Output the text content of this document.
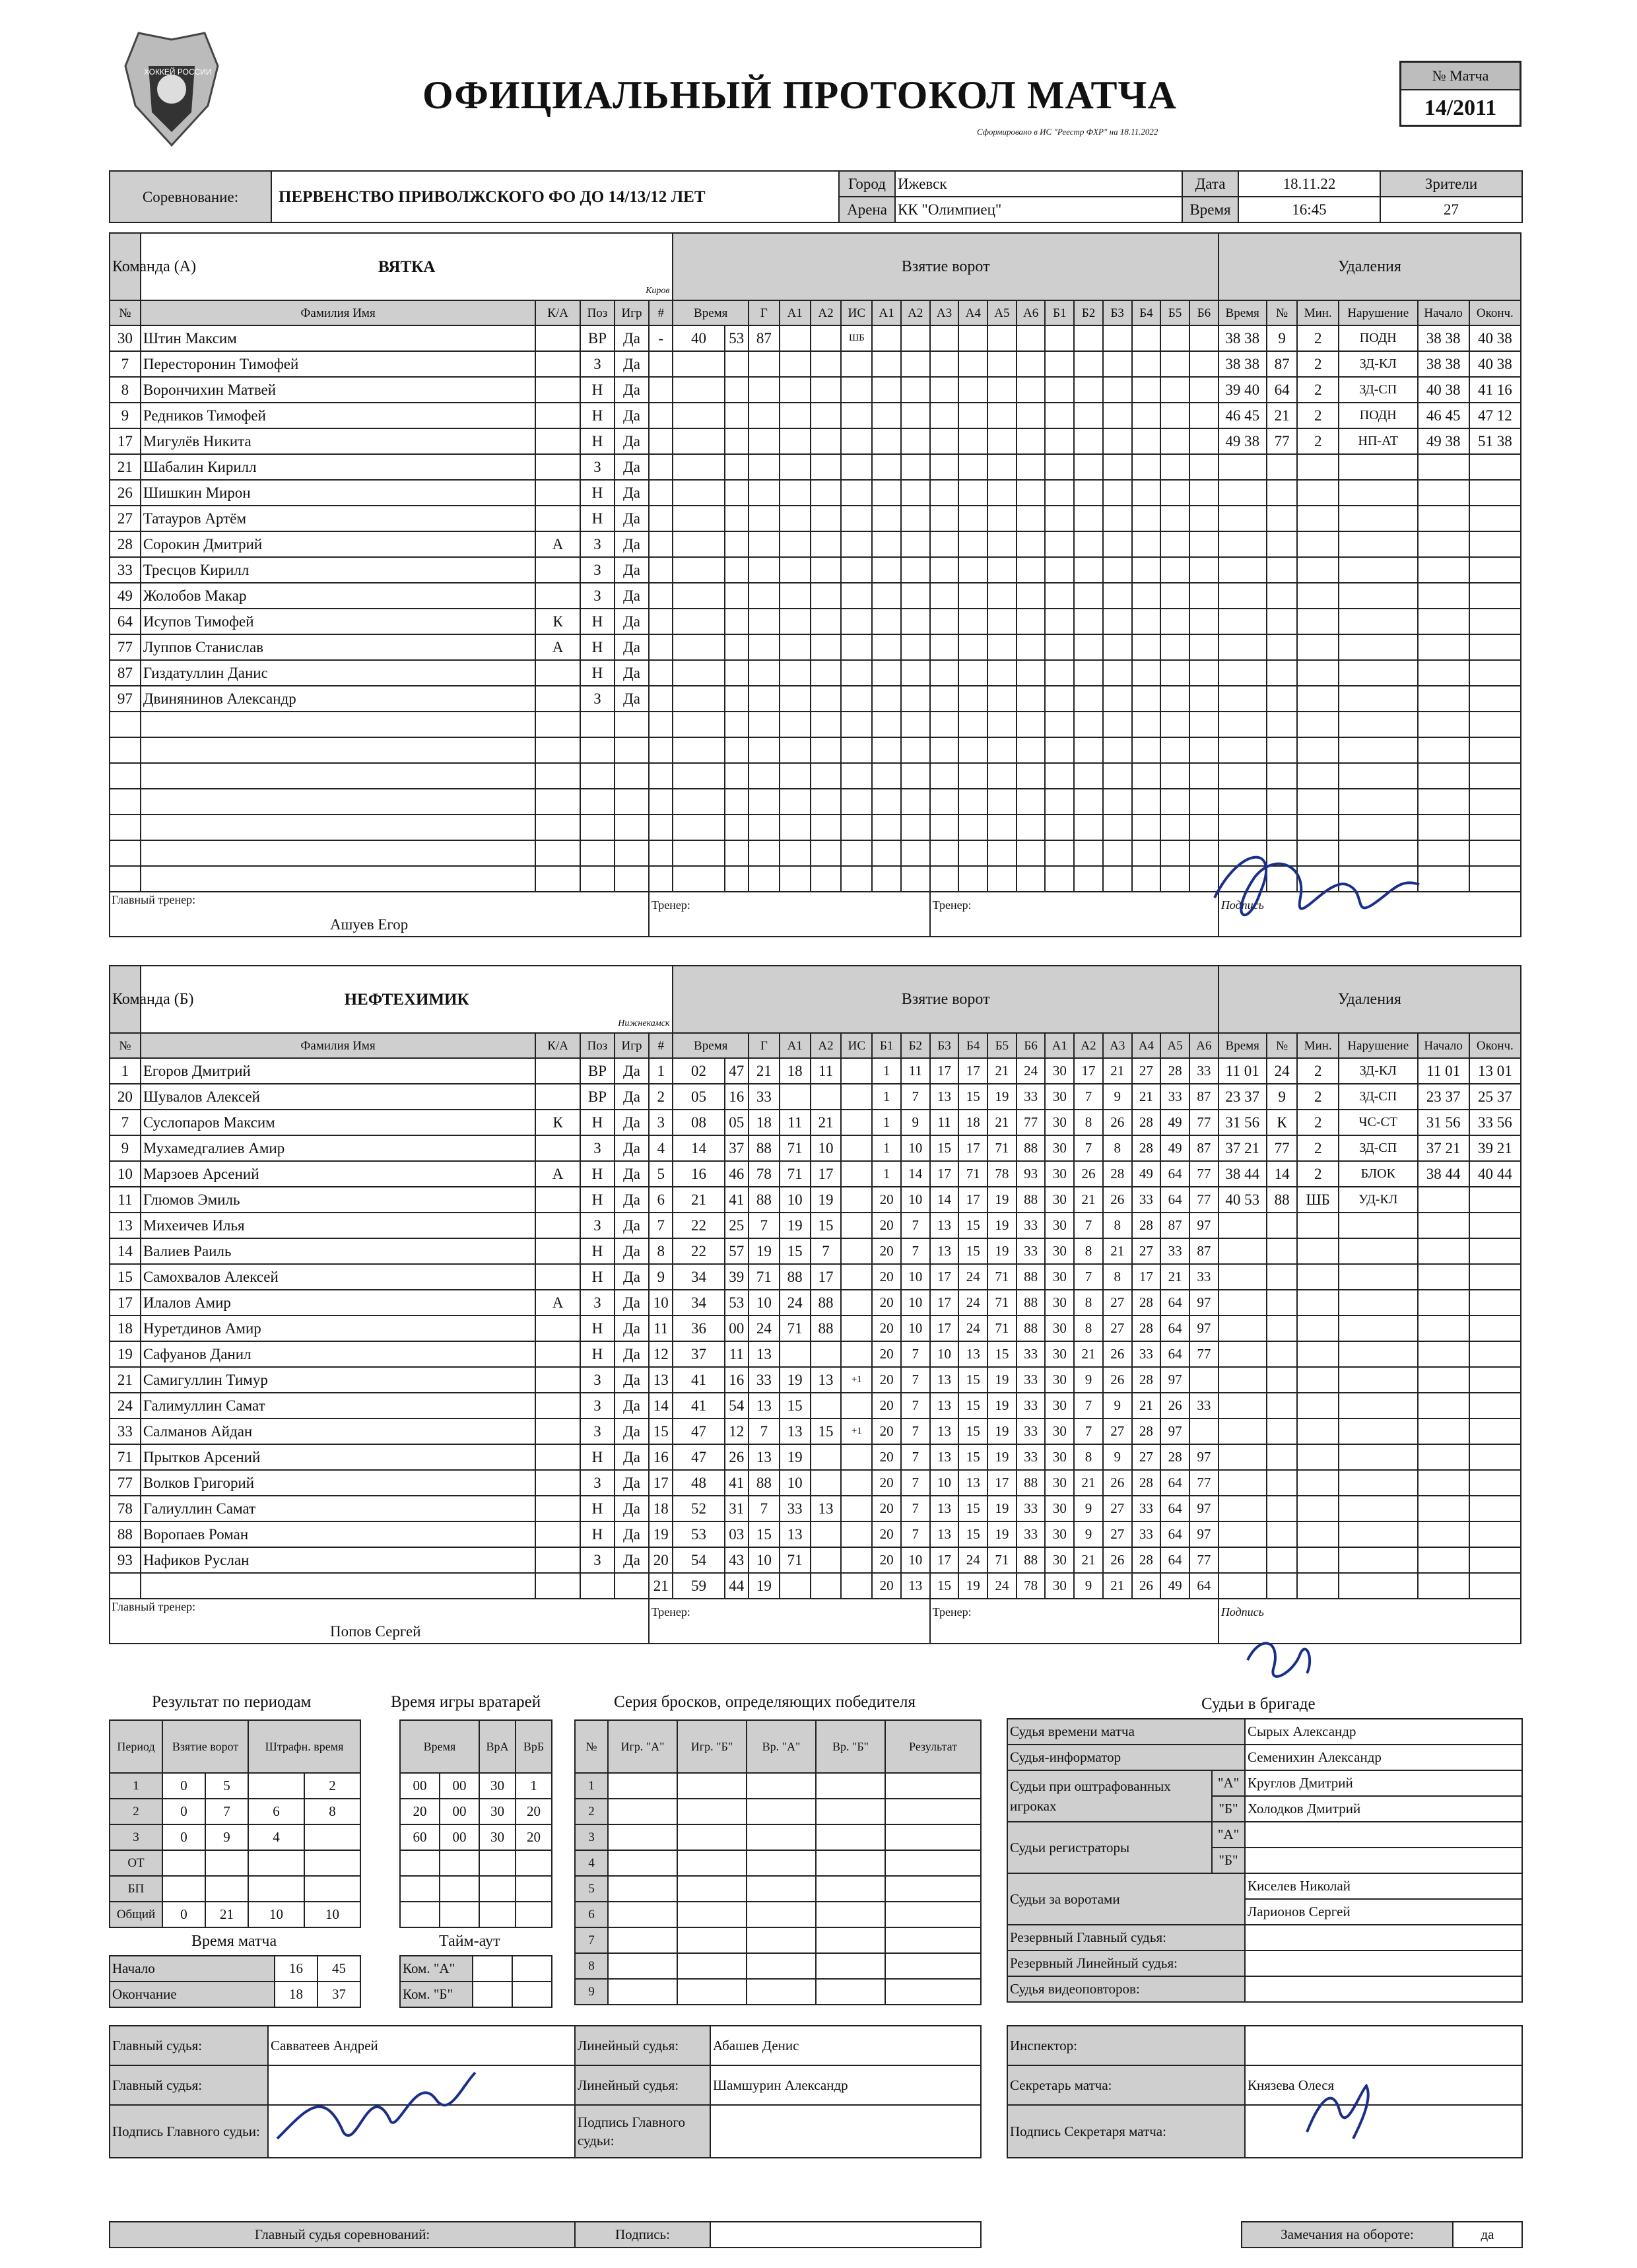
ХОККЕЙ РОССИИ
ОФИЦИАЛЬНЫЙ ПРОТОКОЛ МАТЧА
Сформировано в ИС "Реестр ФХР" на 18.11.2022
№ Матча
14/2011
Соревнование:	ПЕРВЕНСТВО ПРИВОЛЖСКОГО ФО ДО 14/13/12 ЛЕТ	Город	Ижевск	Дата	18.11.22	Зрители
		Арена	КК "Олимпиец"	Время	16:45	27
Команда (А)	ВЯТКА
Киров					Взятие ворот																		Удаления					
№	Фамилия Имя	К/А	Поз	Игр	#	Время		Г	А1	А2	ИС	А1	А2	А3	А4	А5	А6	Б1	Б2	Б3	Б4	Б5	Б6	Время	№	Мин.	Нарушение	Начало	Оконч.
30	Штин Максим		ВР	Да	-	40	53	87			ШБ													38 38	9	2	ПОДН	38 38	40 38
7	Перестоpонин Тимофей		З	Да																				38 38	87	2	ЗД-КЛ	38 38	40 38
8	Ворончихин Матвей		Н	Да																				39 40	64	2	ЗД-СП	40 38	41 16
9	Редников Тимофей		Н	Да																				46 45	21	2	ПОДН	46 45	47 12
17	Мигулёв Никита		Н	Да																				49 38	77	2	НП-АТ	49 38	51 38
21	Шабалин Кирилл		З	Да																									
26	Шишкин Мирон		Н	Да																									
27	Татауров Артём		Н	Да																									
28	Сорокин Дмитрий	А	З	Да																									
33	Тресцов Кирилл		З	Да																									
49	Жолобов Макар		З	Да																									
64	Исупов Тимофей	К	Н	Да																									
77	Луппов Станислав	А	Н	Да																									
87	Гиздатуллин Данис		Н	Да																									
97	Двинянинов Александр		З	Да																									

Главный тренер:
Ашуев Егор					Тренер:									Тренер:										Подпись					
Команда (Б)	НЕФТЕХИМИК
Нижнекамск					Взятие ворот																		Удаления					
№	Фамилия Имя	К/А	Поз	Игр	#	Время		Г	А1	А2	ИС	Б1	Б2	Б3	Б4	Б5	Б6	А1	А2	А3	А4	А5	А6	Время	№	Мин.	Нарушение	Начало	Оконч.
1	Егоров Дмитрий		ВР	Да	1	02	47	21	18	11		1	11	17	17	21	24	30	17	21	27	28	33	11 01	24	2	ЗД-КЛ	11 01	13 01
20	Шувалов Алексей		ВР	Да	2	05	16	33				1	7	13	15	19	33	30	7	9	21	33	87	23 37	9	2	ЗД-СП	23 37	25 37
7	Суслопаров Максим	К	Н	Да	3	08	05	18	11	21		1	9	11	18	21	77	30	8	26	28	49	77	31 56	К	2	ЧС-СТ	31 56	33 56
9	Мухамедгалиев Амир		З	Да	4	14	37	88	71	10		1	10	15	17	71	88	30	7	8	28	49	87	37 21	77	2	ЗД-СП	37 21	39 21
10	Марзоев Арсений	А	Н	Да	5	16	46	78	71	17		1	14	17	71	78	93	30	26	28	49	64	77	38 44	14	2	БЛОК	38 44	40 44
11	Глюмов Эмиль		Н	Да	6	21	41	88	10	19		20	10	14	17	19	88	30	21	26	33	64	77	40 53	88	ШБ	УД-КЛ		
13	Михеичев Илья		З	Да	7	22	25	7	19	15		20	7	13	15	19	33	30	7	8	28	87	97						
14	Валиев Раиль		Н	Да	8	22	57	19	15	7		20	7	13	15	19	33	30	8	21	27	33	87						
15	Самохвалов Алексей		Н	Да	9	34	39	71	88	17		20	10	17	24	71	88	30	7	8	17	21	33						
17	Илалов Амир	А	З	Да	10	34	53	10	24	88		20	10	17	24	71	88	30	8	27	28	64	97						
18	Нуретдинов Амир		Н	Да	11	36	00	24	71	88		20	10	17	24	71	88	30	8	27	28	64	97						
19	Сафуанов Данил		Н	Да	12	37	11	13				20	7	10	13	15	33	30	21	26	33	64	77						
21	Самигуллин Тимур		З	Да	13	41	16	33	19	13	+1	20	7	13	15	19	33	30	9	26	28	97							
24	Галимуллин Самат		З	Да	14	41	54	13	15			20	7	13	15	19	33	30	7	9	21	26	33						
33	Салманов Айдан		З	Да	15	47	12	7	13	15	+1	20	7	13	15	19	33	30	7	27	28	97							
71	Прытков Арсений		Н	Да	16	47	26	13	19			20	7	13	15	19	33	30	8	9	27	28	97						
77	Волков Григорий		З	Да	17	48	41	88	10			20	7	10	13	17	88	30	21	26	28	64	77						
78	Галиуллин Самат		Н	Да	18	52	31	7	33	13		20	7	13	15	19	33	30	9	27	33	64	97						
88	Воропаев Роман		Н	Да	19	53	03	15	13			20	7	13	15	19	33	30	9	27	33	64	97						
93	Нафиков Руслан		З	Да	20	54	43	10	71			20	10	17	24	71	88	30	21	26	28	64	77						
					21	59	44	19				20	13	15	19	24	78	30	9	21	26	49	64						

Главный тренер:
Попов Сергей					Тренер:									Тренер:										Подпись					
Результат по периодам	Время игры вратарей	Серия бросков, определяющих победителя	Судьи в бригаде
Период	Взятие ворот		Штрафн. время	
1	0	5		2
2	0	7	6	8
3	0	9	4	
ОТ				
БП				
Общий	0	21	10	10
Время		ВрА	ВрБ
00	00	30	1
20	00	30	20
60	00	30	20

№	Игр. "А"	Игр. "Б"	Вр. "А"	Вр. "Б"	Результат
1					
2					
3					
4					
5					
6					
7					
8					
9					
Время матча
Начало	16	45
Окончание	18	37
Тайм-аут
Ком. "А"		
Ком. "Б"		
Судья времени матча		Сырых Александр
Судья-информатор		Семенихин Александр
Судьи при оштрафованных игроках	"А"	Круглов Дмитрий
	"Б"	Холодков Дмитрий
Судьи регистраторы	"А"	
	"Б"	
Судьи за воротами		Киселев Николай
		Ларионов Сергей
Резервный Главный судья:		
Резервный Линейный судья:		
Судья видеоповторов:		
Главный судья:	Савватеев Андрей	Линейный судья:	Абашев Денис
Главный судья:		Линейный судья:	Шамшурин Александр
Подпись Главного судьи:		Подпись Главного судьи:	
Инспектор:	
Секретарь матча:	Князева Олеся
Подпись Секретаря матча:	
Главный судья соревнований:	Подпись:		Замечания на обороте:	да
